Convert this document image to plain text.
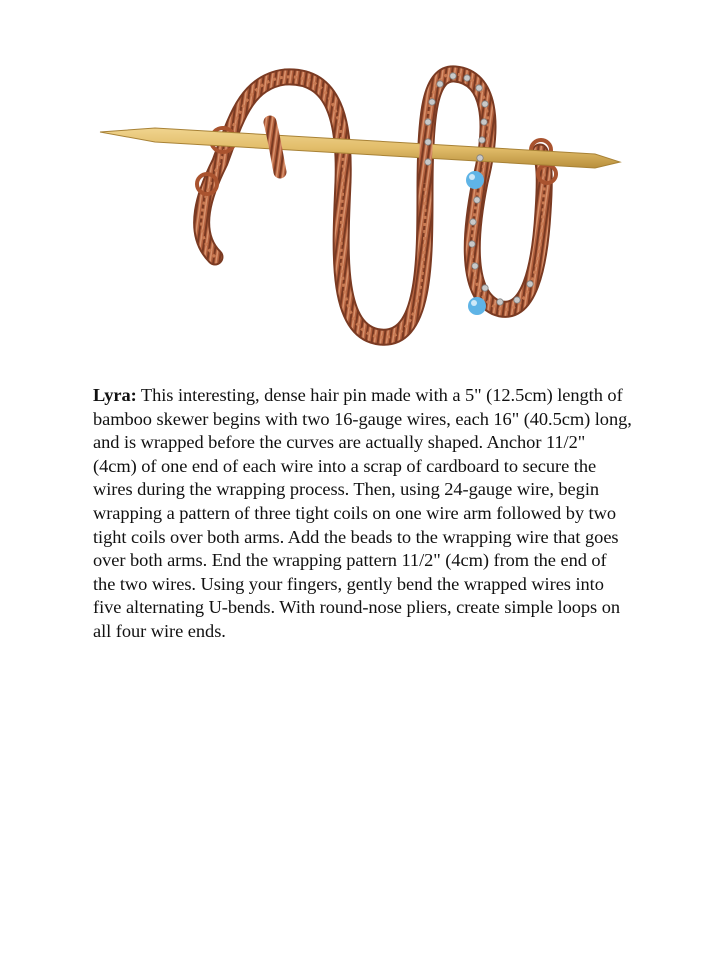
Lyra: This interesting, dense hair pin made with a 5" (12.5cm) length of bamboo skewer begins with two 16-gauge wires, each 16" (40.5cm) long, and is wrapped before the curves are actually shaped. Anchor 11/2" (4cm) of one end of each wire into a scrap of cardboard to secure the wires during the wrapping process. Then, using 24-gauge wire, begin wrapping a pattern of three tight coils on one wire arm followed by two tight coils over both arms. Add the beads to the wrapping wire that goes over both arms. End the wrapping pattern 11/2" (4cm) from the end of the two wires. Using your fingers, gently bend the wrapped wires into five alternating U-bends. With round-nose pliers, create simple loops on all four wire ends.
